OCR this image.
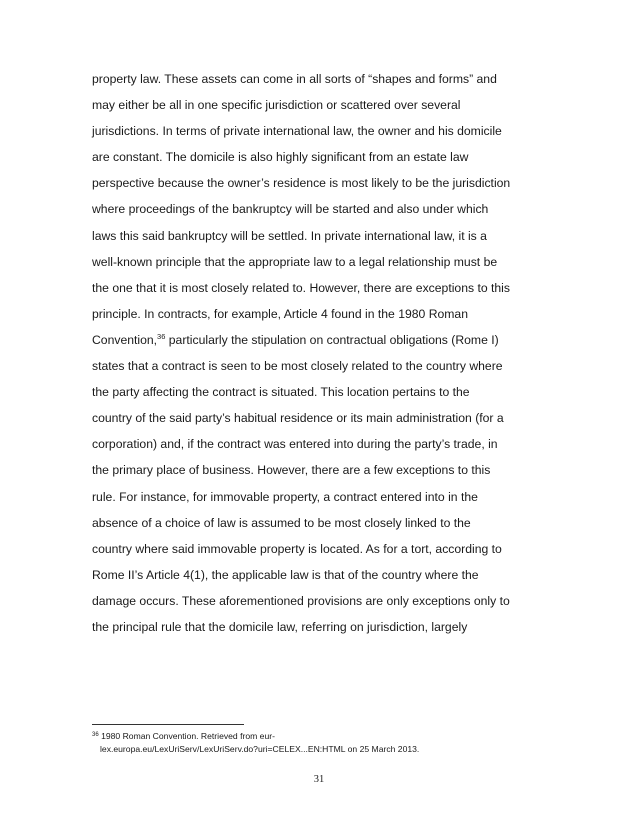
property law. These assets can come in all sorts of “shapes and forms” and
may either be all in one specific jurisdiction or scattered over several
jurisdictions. In terms of private international law, the owner and his domicile
are constant. The domicile is also highly significant from an estate law
perspective because the owner’s residence is most likely to be the jurisdiction
where proceedings of the bankruptcy will be started and also under which
laws this said bankruptcy will be settled. In private international law, it is a
well-known principle that the appropriate law to a legal relationship must be
the one that it is most closely related to. However, there are exceptions to this
principle. In contracts, for example, Article 4 found in the 1980 Roman
Convention,$^{36}$ particularly the stipulation on contractual obligations (Rome I)
states that a contract is seen to be most closely related to the country where
the party affecting the contract is situated. This location pertains to the
country of the said party’s habitual residence or its main administration (for a
corporation) and, if the contract was entered into during the party’s trade, in
the primary place of business. However, there are a few exceptions to this
rule. For instance, for immovable property, a contract entered into in the
absence of a choice of law is assumed to be most closely linked to the
country where said immovable property is located. As for a tort, according to
Rome II’s Article 4(1), the applicable law is that of the country where the
damage occurs. These aforementioned provisions are only exceptions only to
the principal rule that the domicile law, referring on jurisdiction, largely
$^{36}$ 1980 Roman Convention. Retrieved from eur-
lex.europa.eu/LexUriServ/LexUriServ.do?uri=CELEX...EN:HTML on 25 March 2013.
31
